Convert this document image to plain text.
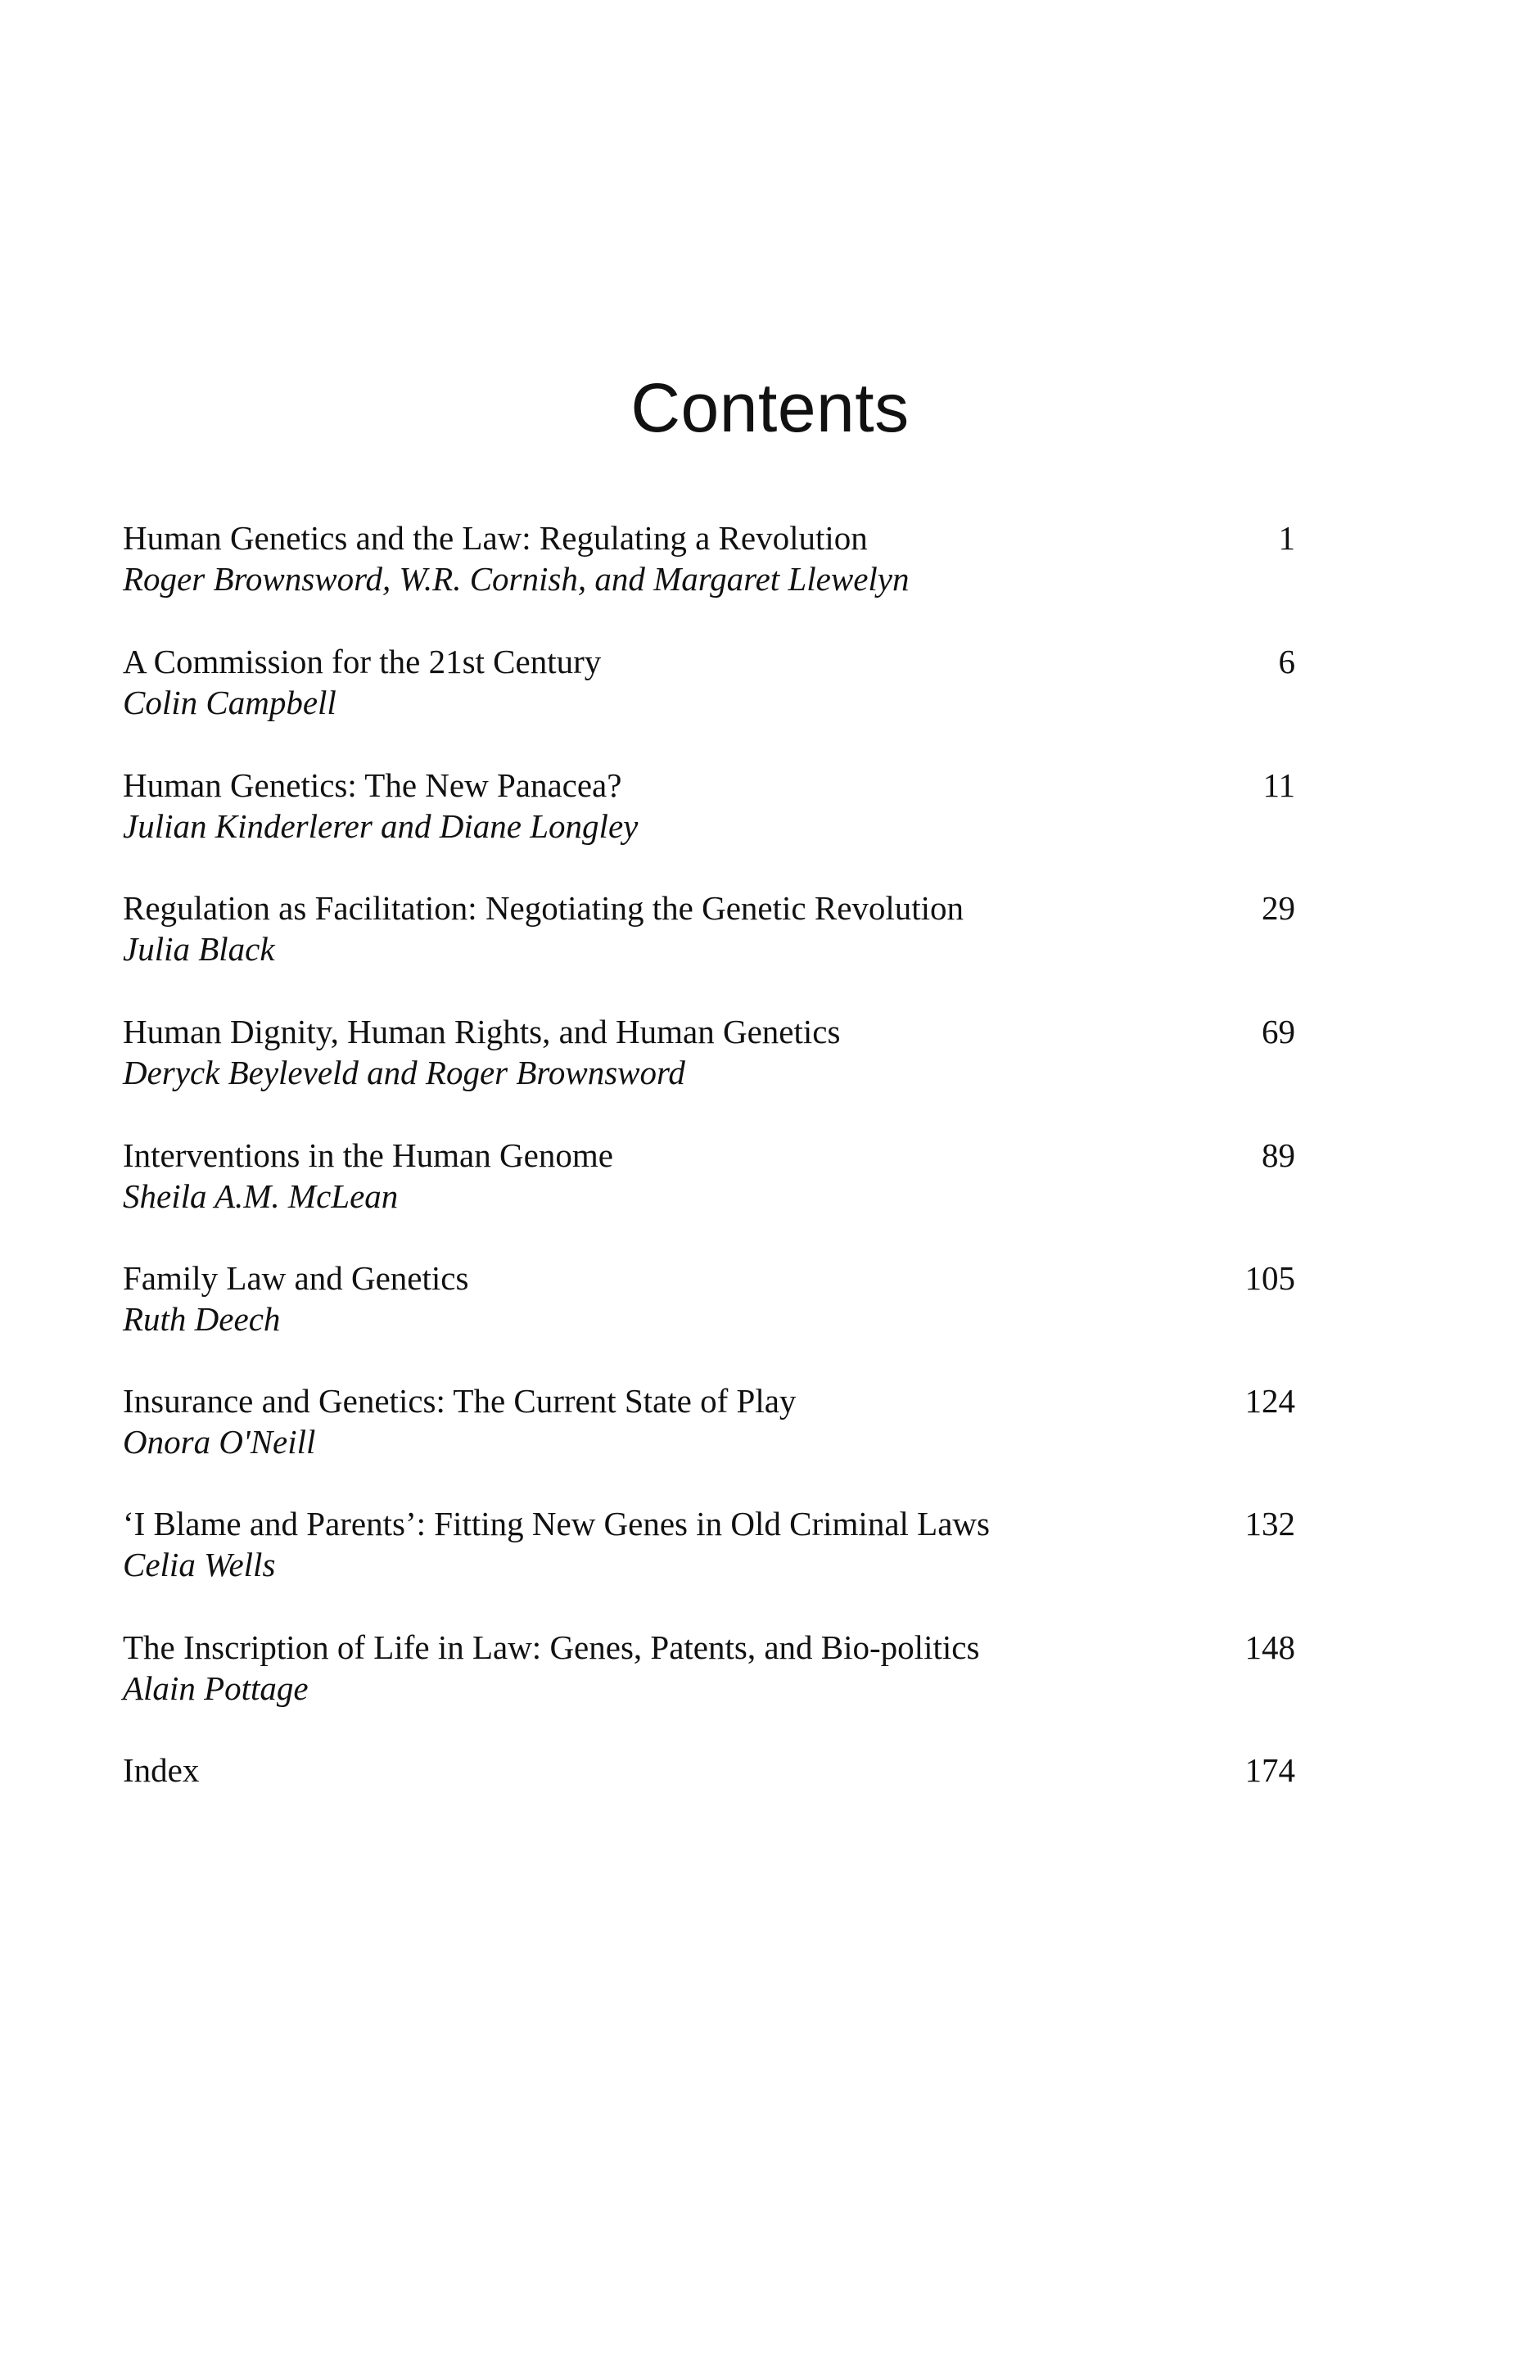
Contents
Human Genetics and the Law: Regulating a Revolution
Roger Brownsword, W.R. Cornish, and Margaret Llewelyn
1
A Commission for the 21st Century
Colin Campbell
6
Human Genetics: The New Panacea?
Julian Kinderlerer and Diane Longley
11
Regulation as Facilitation: Negotiating the Genetic Revolution
Julia Black
29
Human Dignity, Human Rights, and Human Genetics
Deryck Beyleveld and Roger Brownsword
69
Interventions in the Human Genome
Sheila A.M. McLean
89
Family Law and Genetics
Ruth Deech
105
Insurance and Genetics: The Current State of Play
Onora O'Neill
124
‘I Blame and Parents’: Fitting New Genes in Old Criminal Laws
Celia Wells
132
The Inscription of Life in Law: Genes, Patents, and Bio-politics
Alain Pottage
148
Index	174
